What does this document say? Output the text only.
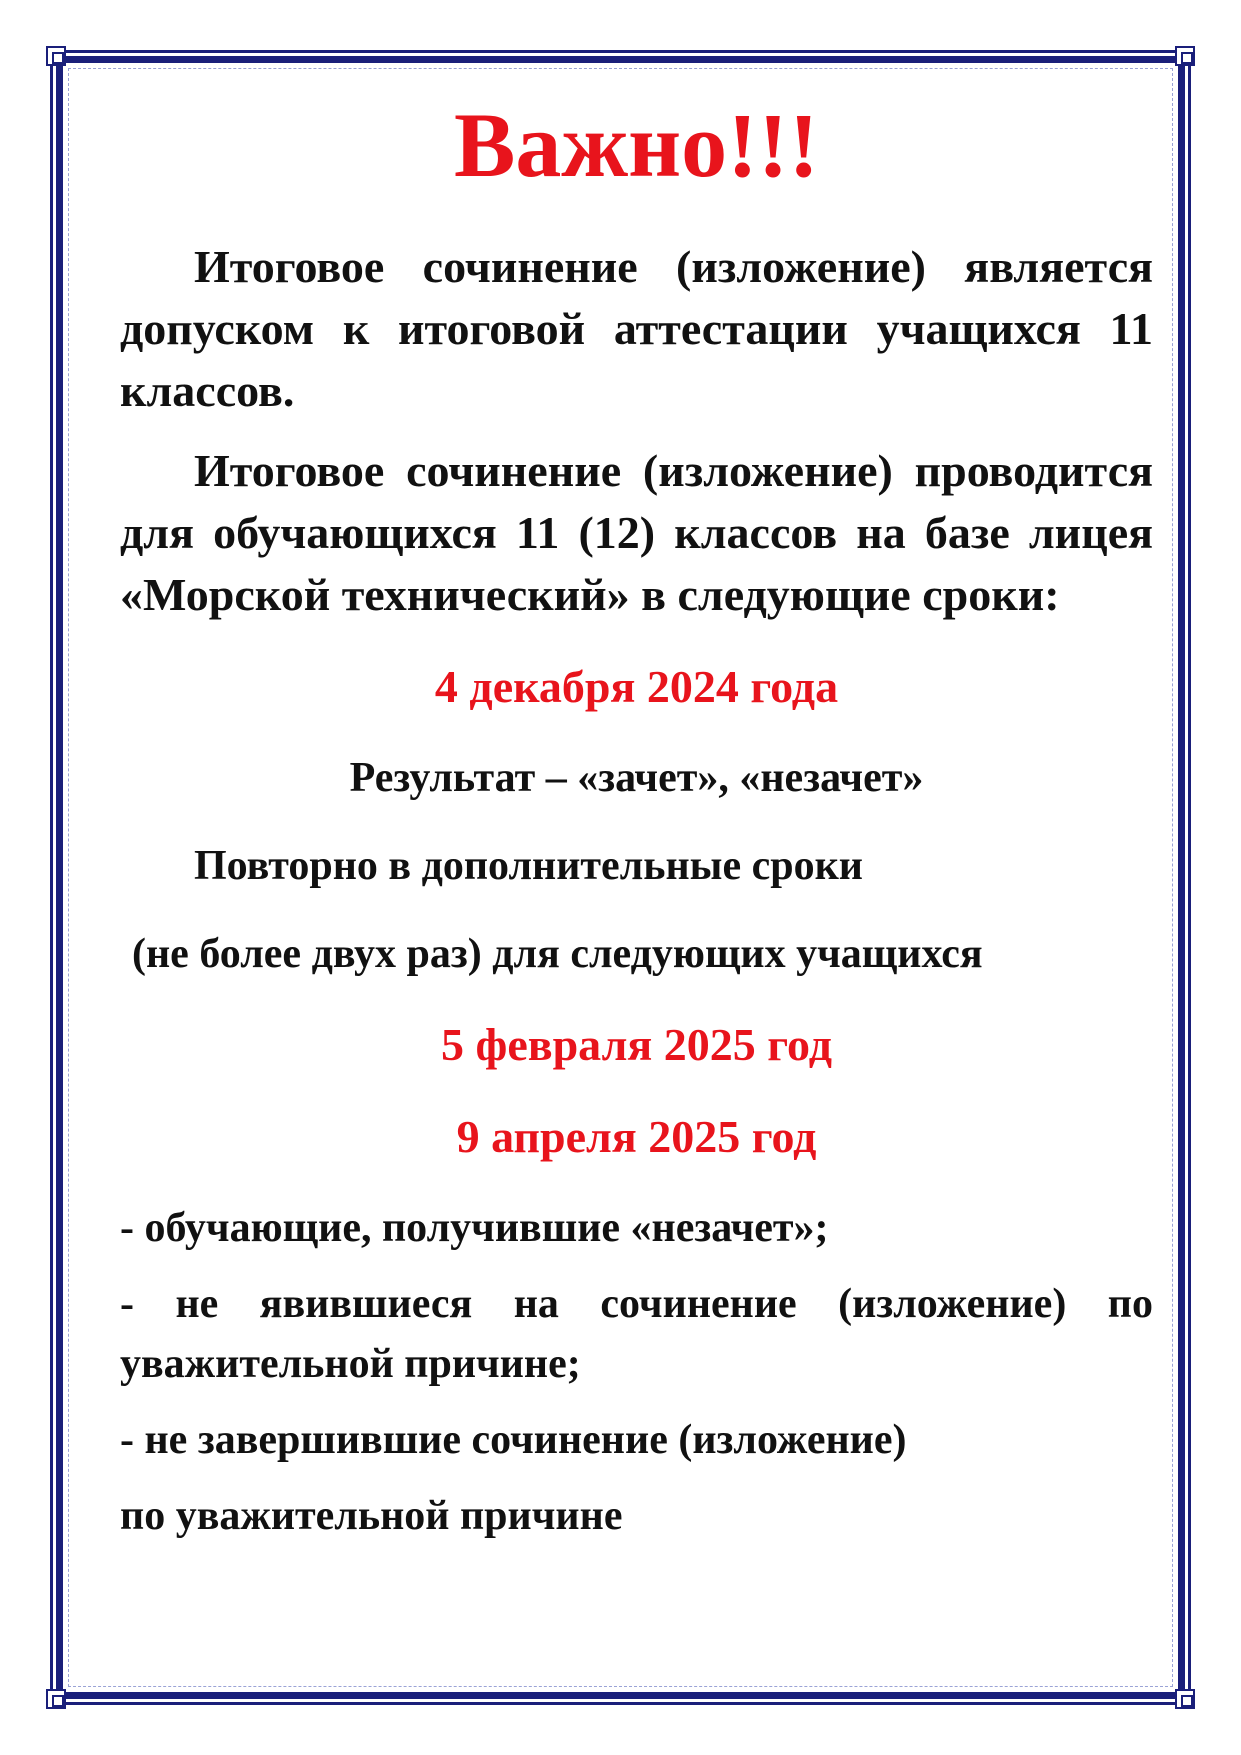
Важно!!!

Итоговое сочинение (изложение) является допуском к итоговой аттестации учащихся 11 классов.

Итоговое сочинение (изложение) проводится для обучающихся 11 (12) классов на базе лицея «Морской технический» в следующие сроки:

4 декабря 2024 года

Результат – «зачет», «незачет»

Повторно в дополнительные сроки

(не более двух раз) для следующих учащихся

5 февраля 2025 год

9 апреля 2025 год

- обучающие, получившие «незачет»;

- не явившиеся на сочинение (изложение) по уважительной причине;

- не завершившие сочинение (изложение)

по уважительной причине
